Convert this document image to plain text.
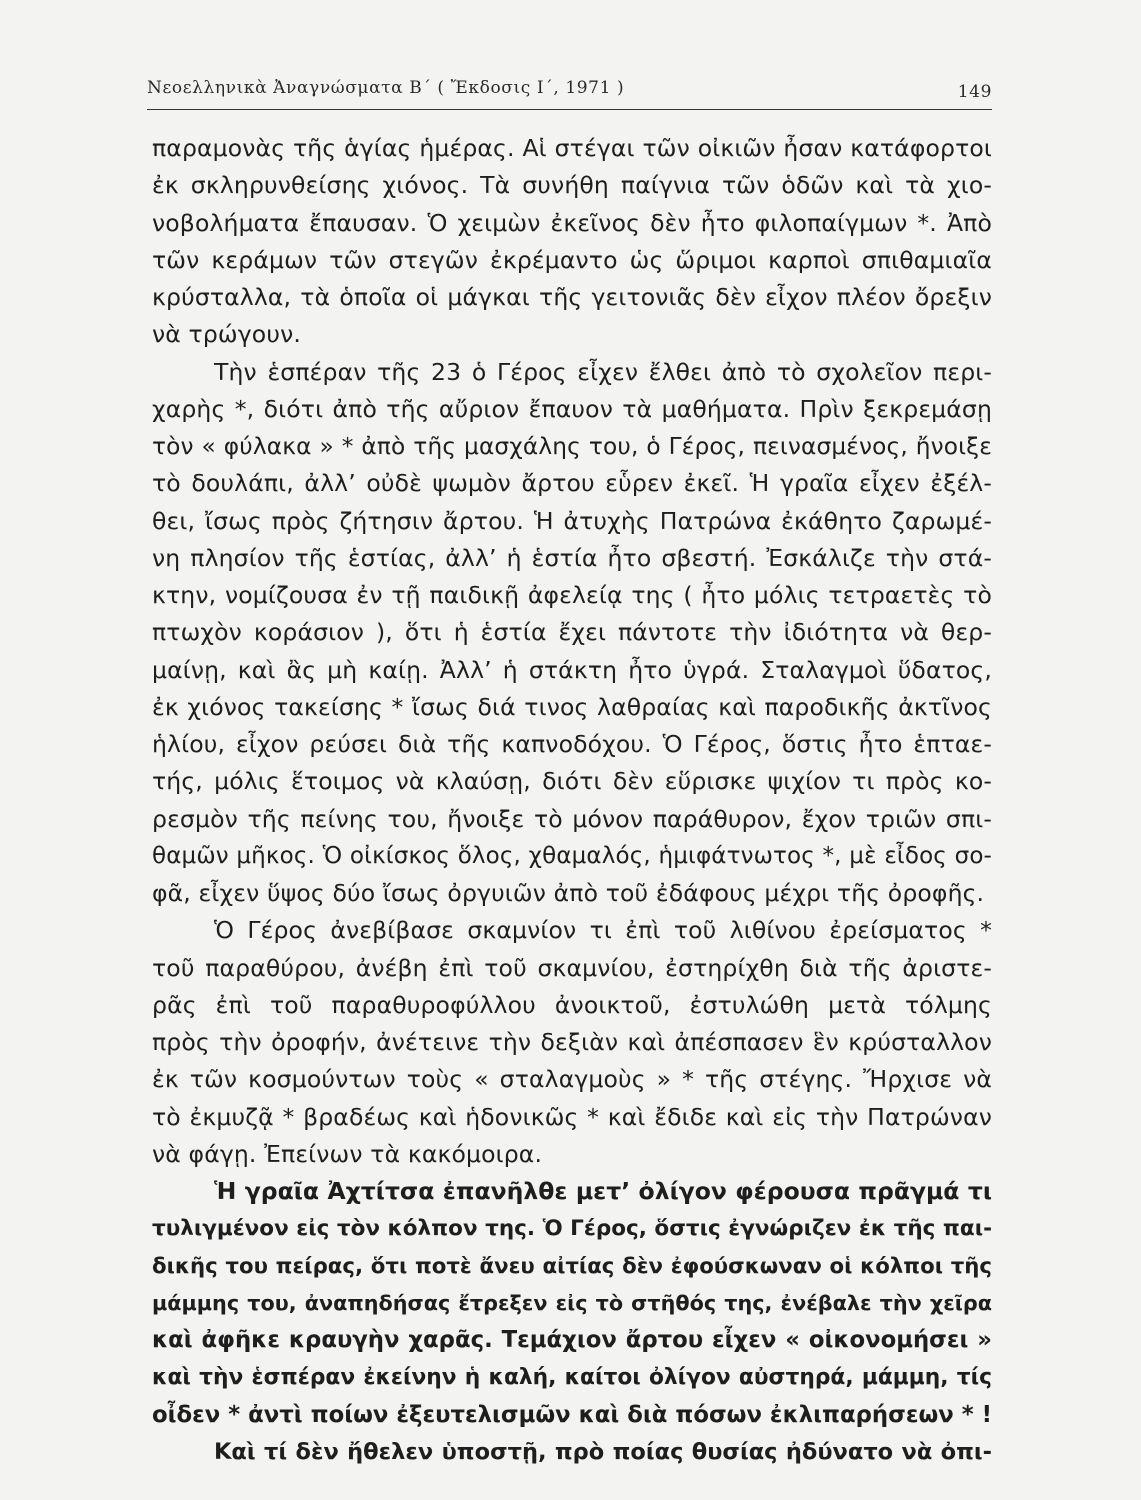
Νεοελληνικὰ Ἀναγνώσματα Β΄ ( Ἔκδοσις Ι΄, 1971 )	149
παραμονὰς τῆς ἁγίας ἡμέρας. Αἱ στέγαι τῶν οἰκιῶν ἦσαν κατάφορτοι
ἐκ σκληρυνθείσης χιόνος. Τὰ συνήθη παίγνια τῶν ὁδῶν καὶ τὰ χιο-
νοβολήματα ἔπαυσαν. Ὁ χειμὼν ἐκεῖνος δὲν ἦτο φιλοπαίγμων *. Ἀπὸ
τῶν κεράμων τῶν στεγῶν ἐκρέμαντο ὡς ὥριμοι καρποὶ σπιθαμιαῖα
κρύσταλλα, τὰ ὁποῖα οἱ μάγκαι τῆς γειτονιᾶς δὲν εἶχον πλέον ὄρεξιν
νὰ τρώγουν.
Τὴν ἑσπέραν τῆς 23 ὁ Γέρος εἶχεν ἔλθει ἀπὸ τὸ σχολεῖον περι-
χαρὴς *, διότι ἀπὸ τῆς αὔριον ἔπαυον τὰ μαθήματα. Πρὶν ξεκρεμάσῃ
τὸν « φύλακα » * ἀπὸ τῆς μασχάλης του, ὁ Γέρος, πεινασμένος, ἤνοιξε
τὸ δουλάπι, ἀλλ’ οὐδὲ ψωμὸν ἄρτου εὗρεν ἐκεῖ. Ἡ γραῖα εἶχεν ἐξέλ-
θει, ἴσως πρὸς ζήτησιν ἄρτου. Ἡ ἀτυχὴς Πατρώνα ἐκάθητο ζαρωμέ-
νη πλησίον τῆς ἑστίας, ἀλλ’ ἡ ἑστία ἦτο σβεστή. Ἐσκάλιζε τὴν στά-
κτην, νομίζουσα ἐν τῇ παιδικῇ ἀφελείᾳ της ( ἦτο μόλις τετραετὲς τὸ
πτωχὸν κοράσιον ), ὅτι ἡ ἑστία ἔχει πάντοτε τὴν ἰδιότητα νὰ θερ-
μαίνῃ, καὶ ἂς μὴ καίῃ. Ἀλλ’ ἡ στάκτη ἦτο ὑγρά. Σταλαγμοὶ ὕδατος,
ἐκ χιόνος τακείσης * ἴσως διά τινος λαθραίας καὶ παροδικῆς ἀκτῖνος
ἡλίου, εἶχον ρεύσει διὰ τῆς καπνοδόχου. Ὁ Γέρος, ὅστις ἦτο ἑπταε-
τής, μόλις ἕτοιμος νὰ κλαύσῃ, διότι δὲν εὕρισκε ψιχίον τι πρὸς κο-
ρεσμὸν τῆς πείνης του, ἤνοιξε τὸ μόνον παράθυρον, ἔχον τριῶν σπι-
θαμῶν μῆκος. Ὁ οἰκίσκος ὅλος, χθαμαλός, ἡμιφάτνωτος *, μὲ εἶδος σο-
φᾶ, εἶχεν ὕψος δύο ἴσως ὀργυιῶν ἀπὸ τοῦ ἐδάφους μέχρι τῆς ὀροφῆς.
Ὁ Γέρος ἀνεβίβασε σκαμνίον τι ἐπὶ τοῦ λιθίνου ἐρείσματος *
τοῦ παραθύρου, ἀνέβη ἐπὶ τοῦ σκαμνίου, ἐστηρίχθη διὰ τῆς ἀριστε-
ρᾶς ἐπὶ τοῦ παραθυροφύλλου ἀνοικτοῦ, ἐστυλώθη μετὰ τόλμης
πρὸς τὴν ὀροφήν, ἀνέτεινε τὴν δεξιὰν καὶ ἀπέσπασεν ἓν κρύσταλλον
ἐκ τῶν κοσμούντων τοὺς « σταλαγμοὺς » * τῆς στέγης. Ἤρχισε νὰ
τὸ ἐκμυζᾷ * βραδέως καὶ ἡδονικῶς * καὶ ἔδιδε καὶ εἰς τὴν Πατρώναν
νὰ φάγῃ. Ἐπείνων τὰ κακόμοιρα.
Ἡ γραῖα Ἀχτίτσα ἐπανῆλθε μετ’ ὀλίγον φέρουσα πρᾶγμά τι
τυλιγμένον εἰς τὸν κόλπον της. Ὁ Γέρος, ὅστις ἐγνώριζεν ἐκ τῆς παι-
δικῆς του πείρας, ὅτι ποτὲ ἄνευ αἰτίας δὲν ἐφούσκωναν οἱ κόλποι τῆς
μάμμης του, ἀναπηδήσας ἔτρεξεν εἰς τὸ στῆθός της, ἐνέβαλε τὴν χεῖρα
καὶ ἀφῆκε κραυγὴν χαρᾶς. Τεμάχιον ἄρτου εἶχεν « οἰκονομήσει »
καὶ τὴν ἑσπέραν ἐκείνην ἡ καλή, καίτοι ὀλίγον αὐστηρά, μάμμη, τίς
οἶδεν * ἀντὶ ποίων ἐξευτελισμῶν καὶ διὰ πόσων ἐκλιπαρήσεων * !
Καὶ τί δὲν ἤθελεν ὑποστῇ, πρὸ ποίας θυσίας ἠδύνατο νὰ ὀπι-
